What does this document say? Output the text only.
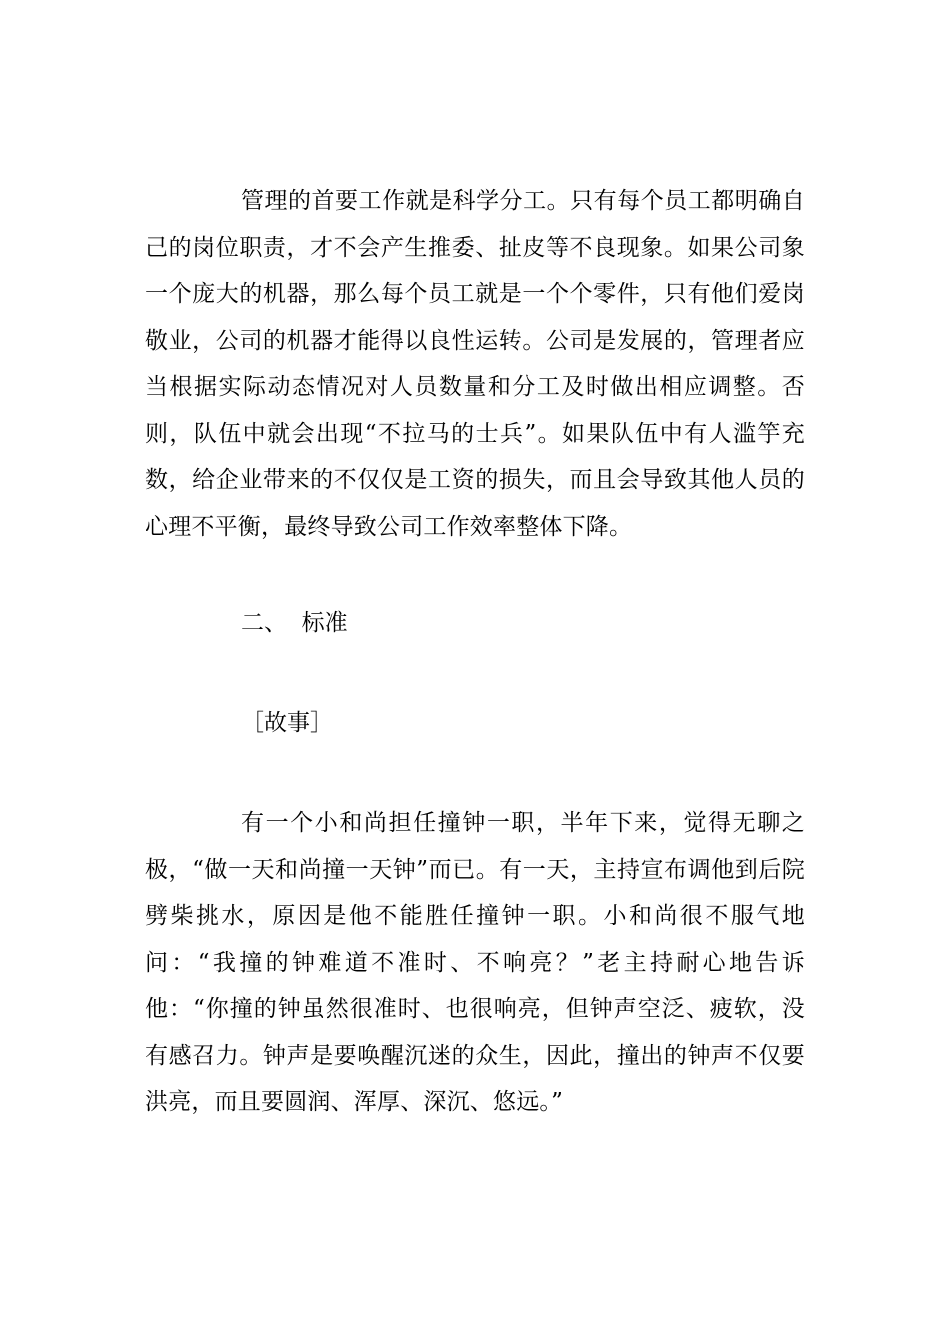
管理的首要工作就是科学分工。只有每个员工都明确自己的岗位职责，才不会产生推委、扯皮等不良现象。如果公司象一个庞大的机器，那么每个员工就是一个个零件，只有他们爱岗敬业，公司的机器才能得以良性运转。公司是发展的，管理者应当根据实际动态情况对人员数量和分工及时做出相应调整。否则，队伍中就会出现“不拉马的士兵”。如果队伍中有人滥竽充数，给企业带来的不仅仅是工资的损失，而且会导致其他人员的心理不平衡，最终导致公司工作效率整体下降。

二、  标准

［故事］

有一个小和尚担任撞钟一职，半年下来，觉得无聊之极，“做一天和尚撞一天钟”而已。有一天，主持宣布调他到后院劈柴挑水，原因是他不能胜任撞钟一职。小和尚很不服气地问：“我撞的钟难道不准时、不响亮？”老主持耐心地告诉他：“你撞的钟虽然很准时、也很响亮，但钟声空泛、疲软，没有感召力。钟声是要唤醒沉迷的众生，因此，撞出的钟声不仅要洪亮，而且要圆润、浑厚、深沉、悠远。”
